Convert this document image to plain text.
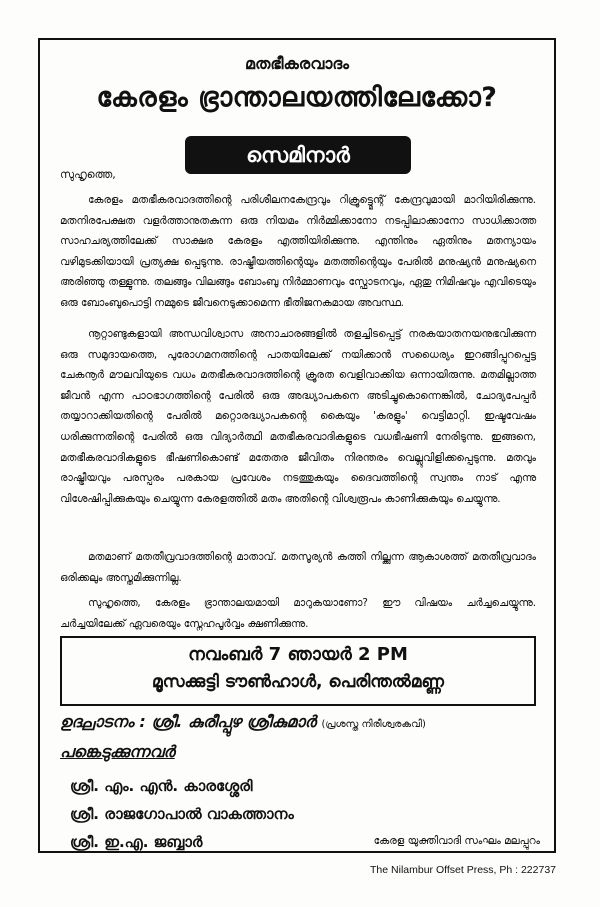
മതഭീകരവാദം
കേരളം ഭ്രാന്താലയത്തിലേക്കോ?
സെമിനാർ
സുഹൃത്തെ,

കേരളം മതഭീകരവാദത്തിന്റെ പരിശീലനകേന്ദ്രവും റിക്രൂട്ട്മെന്റ് കേന്ദ്രവുമായി മാറിയിരിക്കുന്നു. മതനിരപേക്ഷത വളർത്താനുതകുന്ന ഒരു നിയമം നിർമ്മിക്കാനോ നടപ്പിലാക്കാനോ സാധിക്കാത്ത സാഹചര്യത്തിലേക്ക് സാക്ഷര കേരളം എത്തിയിരിക്കുന്നു. എന്തിനും ഏതിനും മതന്യായം വഴിമുടക്കിയായി പ്രത്യക്ഷ പ്പെടുന്നു. രാഷ്ട്രീയത്തിന്റെയും മതത്തിന്റെയും പേരിൽ മനുഷ്യൻ മനുഷ്യനെ അരിഞ്ഞു തള്ളുന്നു. തലങ്ങും വിലങ്ങും ബോംബു നിർമ്മാണവും സ്ഫോടനവും, ഏതു നിമിഷവും എവിടെയും ഒരു ബോംബുപൊട്ടി നമ്മുടെ ജീവനെടുക്കാമെന്ന ഭീതിജനകമായ അവസ്ഥ.

നൂറ്റാണ്ടുകളായി അന്ധവിശ്വാസ അനാചാരങ്ങളിൽ തളച്ചിടപ്പെട്ട് നരകയാതനയനുഭവിക്കുന്ന ഒരു സമുദായത്തെ, പുരോഗമനത്തിന്റെ പാതയിലേക്ക് നയിക്കാൻ സധൈര്യം ഇറങ്ങിപ്പുറപ്പെട്ട ചേകനൂർ മൗലവിയുടെ വധം മതഭീകരവാദത്തിന്റെ ക്രൂരത വെളിവാക്കിയ ഒന്നായിരുന്നു. മതമില്ലാത്ത ജീവൻ എന്ന പാഠഭാഗത്തിന്റെ പേരിൽ ഒരു അദ്ധ്യാപകനെ അടിച്ചുകൊന്നെങ്കിൽ, ചോദ്യപേപ്പർ തയ്യാറാക്കിയതിന്റെ പേരിൽ മറ്റൊരദ്ധ്യാപകന്റെ കൈയും 'കരളും' വെട്ടിമാറ്റി. ഇഷ്ടവേഷം ധരിക്കുന്നതിന്റെ പേരിൽ ഒരു വിദ്യാർത്ഥി മതഭീകരവാദികളുടെ വധഭീഷണി നേരിടുന്നു. ഇങ്ങനെ, മതഭീകരവാദികളുടെ ഭീഷണികൊണ്ട് മതേതര ജീവിതം നിരന്തരം വെല്ലുവിളിക്കപ്പെടുന്നു. മതവും രാഷ്ട്രീയവും പരസ്പരം പരകായ പ്രവേശം നടത്തുകയും ദൈവത്തിന്റെ സ്വന്തം നാട് എന്നു വിശേഷിപ്പിക്കുകയും ചെയ്യുന്ന കേരളത്തിൽ മതം അതിന്റെ വിശ്വരൂപം കാണിക്കുകയും ചെയ്യുന്നു.

മതമാണ് മതതീവ്രവാദത്തിന്റെ മാതാവ്. മതസൂര്യൻ കത്തി നില്ക്കുന്ന ആകാശത്ത് മതതീവ്രവാദം ഒരിക്കലും അസ്തമിക്കുന്നില്ല.

സുഹൃത്തെ, കേരളം ഭ്രാന്താലയമായി മാറുകയാണോ? ഈ വിഷയം ചർച്ചചെയ്യുന്നു. ചർച്ചയിലേക്ക് ഏവരെയും സ്നേഹപൂർവ്വം ക്ഷണിക്കുന്നു.

നവംബർ 7 ഞായർ 2 PM
മൂസക്കുട്ടി ടൗൺഹാൾ, പെരിന്തൽമണ്ണ
ഉദ്ഘാടനം : ശ്രീ. കുരീപ്പുഴ ശ്രീകുമാർ (പ്രശസ്ത നിരീശ്വരകവി)
പങ്കെടുക്കുന്നവർ
ശ്രീ. എം. എൻ. കാരശ്ശേരി
ശ്രീ. രാജഗോപാൽ വാകത്താനം
ശ്രീ. ഇ.എ. ജബ്ബാർ	കേരള യുക്തിവാദി സംഘം മലപ്പുറം
The Nilambur Offset Press, Ph : 222737
